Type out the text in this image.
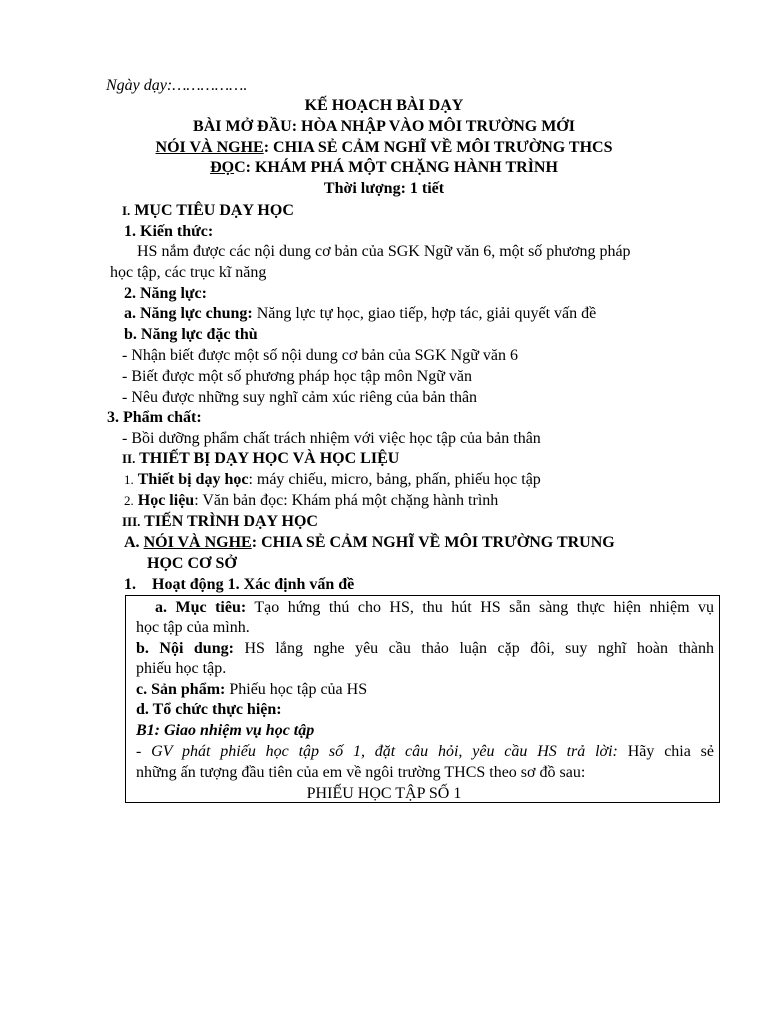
Ngày dạy:…………….
KẾ HOẠCH BÀI DẠY
BÀI MỞ ĐẦU: HÒA NHẬP VÀO MÔI TRƯỜNG MỚI
NÓI VÀ NGHE: CHIA SẺ CẢM NGHĨ VỀ MÔI TRƯỜNG THCS
ĐỌC: KHÁM PHÁ MỘT CHẶNG HÀNH TRÌNH
Thời lượng: 1 tiết
I. MỤC TIÊU DẠY HỌC
1. Kiến thức:
HS nắm được các nội dung cơ bản của SGK Ngữ văn 6, một số phương pháp
học tập, các trục kĩ năng
2. Năng lực:
a. Năng lực chung: Năng lực tự học, giao tiếp, hợp tác, giải quyết vấn đề
b. Năng lực đặc thù
- Nhận biết được một số nội dung cơ bản của SGK Ngữ văn 6
- Biết được một số phương pháp học tập môn Ngữ văn
- Nêu được những suy nghĩ cảm xúc riêng của bản thân
3. Phẩm chất:
- Bồi dưỡng phẩm chất trách nhiệm với việc học tập của bản thân
II. THIẾT BỊ DẠY HỌC VÀ HỌC LIỆU
1. Thiết bị dạy học: máy chiếu, micro, bảng, phấn, phiếu học tập
2. Học liệu: Văn bản đọc: Khám phá một chặng hành trình
III. TIẾN TRÌNH DẠY HỌC
A. NÓI VÀ NGHE: CHIA SẺ CẢM NGHĨ VỀ MÔI TRƯỜNG TRUNG
HỌC CƠ SỞ
1. Hoạt động 1. Xác định vấn đề
a. Mục tiêu: Tạo hứng thú cho HS, thu hút HS sẵn sàng thực hiện nhiệm vụ
học tập của mình.
b. Nội dung: HS lắng nghe yêu cầu thảo luận cặp đôi, suy nghĩ hoàn thành
phiếu học tập.
c. Sản phẩm: Phiếu học tập của HS
d. Tổ chức thực hiện:
B1: Giao nhiệm vụ học tập
- GV phát phiếu học tập số 1, đặt câu hỏi, yêu cầu HS trả lời: Hãy chia sẻ
những ấn tượng đầu tiên của em về ngôi trường THCS theo sơ đồ sau:
PHIẾU HỌC TẬP SỐ 1
